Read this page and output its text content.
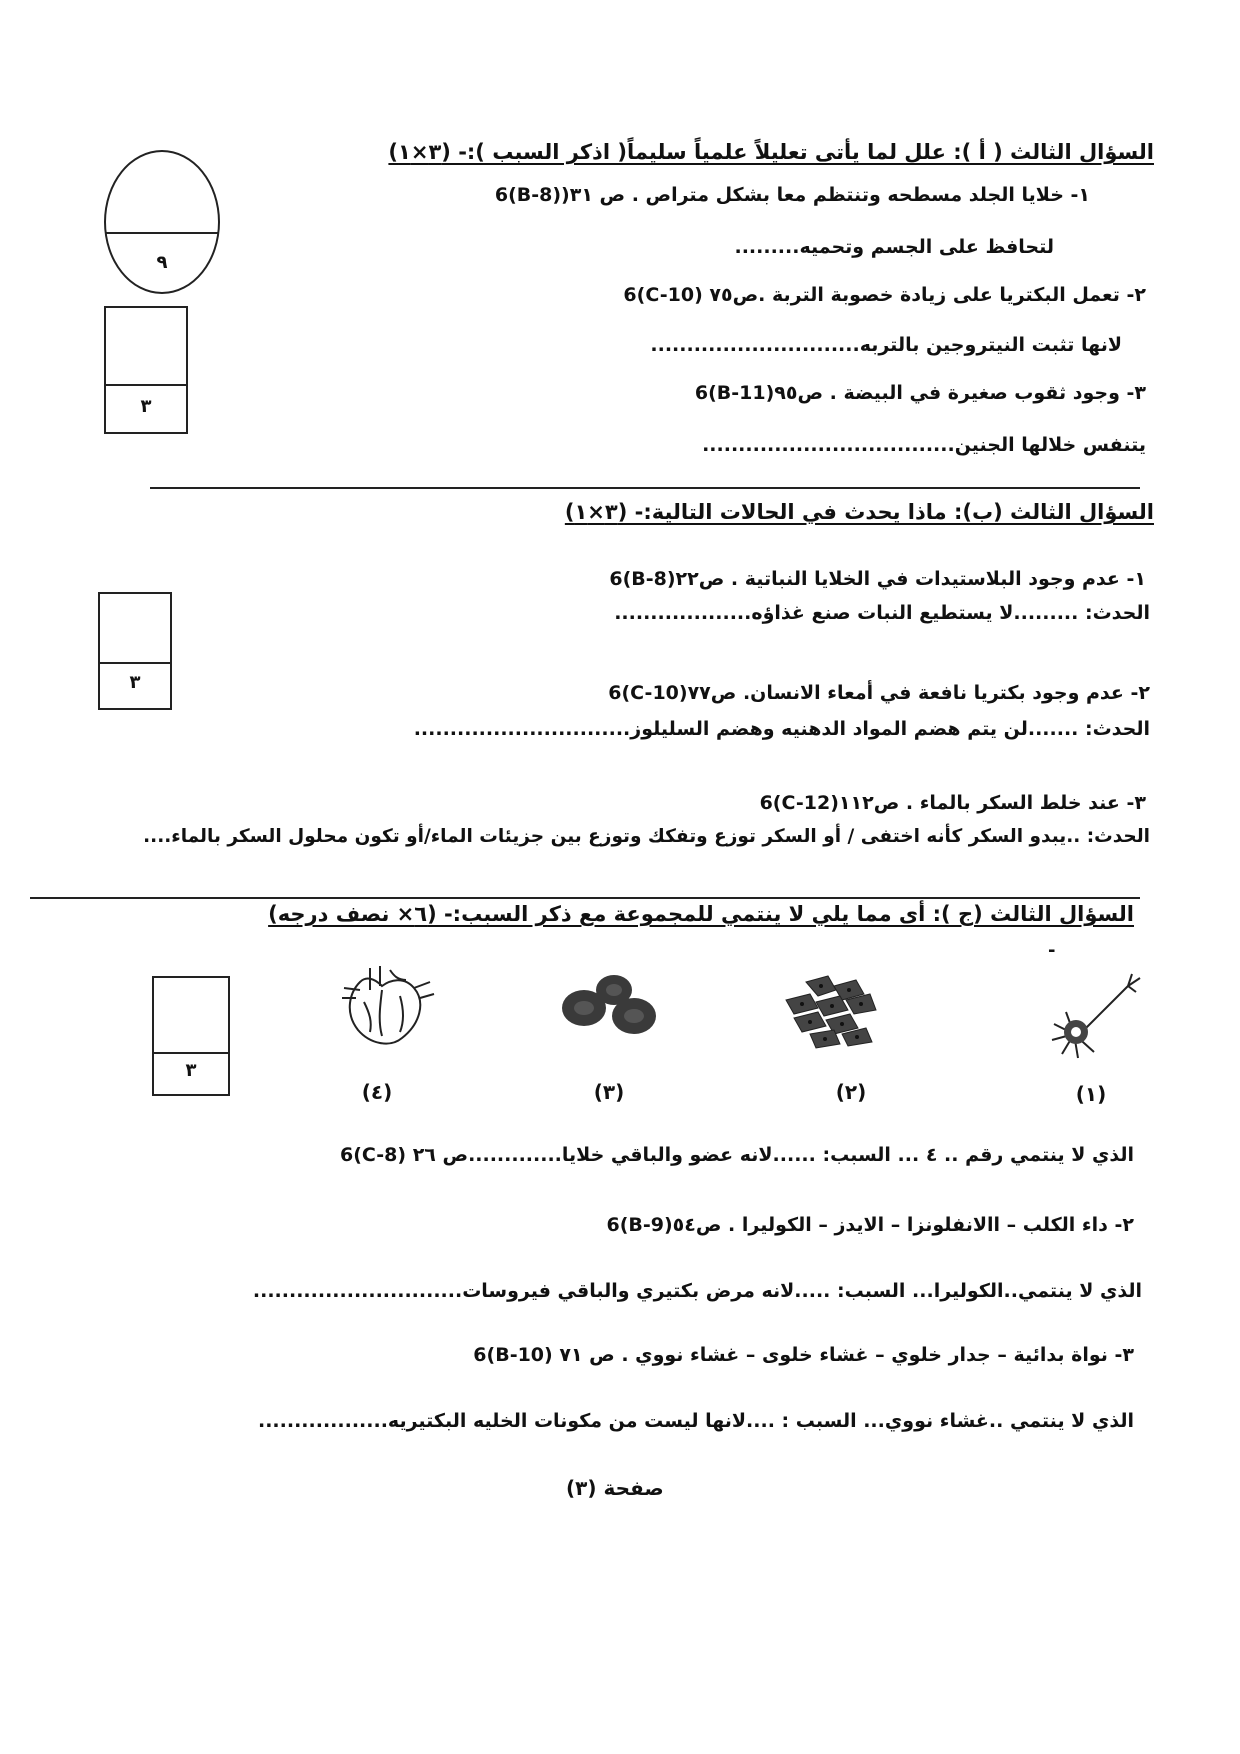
السؤال الثالث ( أ ): علل لما يأتى تعليلاً علمياً سليماً( اذكر السبب ):- (٣×١)
١- خلايا الجلد مسطحه وتنتظم معا بشكل متراص . ص ٣١((B-8)6
لتحافظ على الجسم وتحميه.........
٢- تعمل البكتريا على زيادة خصوبة التربة .ص٧٥ (C-10)6
لانها تثبت النيتروجين بالتربه.............................
٣- وجود ثقوب صغيرة في البيضة . ص٩٥(B-11)6
يتنفس خلالها الجنين...................................
٩
٣
السؤال الثالث (ب): ماذا يحدث في الحالات التالية:- (٣×١)
١- عدم وجود البلاستيدات في الخلايا النباتية . ص٢٢(B-8)6
الحدث: .........لا يستطيع النبات صنع غذاؤه...................
٢- عدم وجود بكتريا نافعة في أمعاء الانسان. ص٧٧(C-10)6
الحدث: .......لن يتم هضم المواد الدهنيه وهضم السليلوز..............................
٣- عند خلط السكر بالماء . ص١١٢(C-12)6
الحدث: ..يبدو السكر كأنه اختفى / أو السكر توزع وتفكك وتوزع بين جزيئات الماء/أو تكون محلول السكر بالماء....
٣
السؤال الثالث (ج ): أى مما يلي لا ينتمي للمجموعة مع ذكر السبب:- (٦× نصف درجه)
-
(١)
(٢)
(٣)
(٤)
٣
الذي لا ينتمي رقم .. ٤ ... السبب: ......لانه عضو والباقي خلايا.............ص ٢٦ (C-8)6
٢- داء الكلب – االانفلونزا – الايدز – الكوليرا . ص٥٤(B-9)6
الذي لا ينتمي..الكوليرا... السبب: .....لانه مرض بكتيري والباقي فيروسات.............................
٣- نواة بدائية – جدار خلوي – غشاء خلوى – غشاء نووي . ص ٧١ (B-10)6
الذي لا ينتمي ..غشاء نووي... السبب : ....لانها ليست من مكونات الخليه البكتيريه..................
صفحة (٣)
